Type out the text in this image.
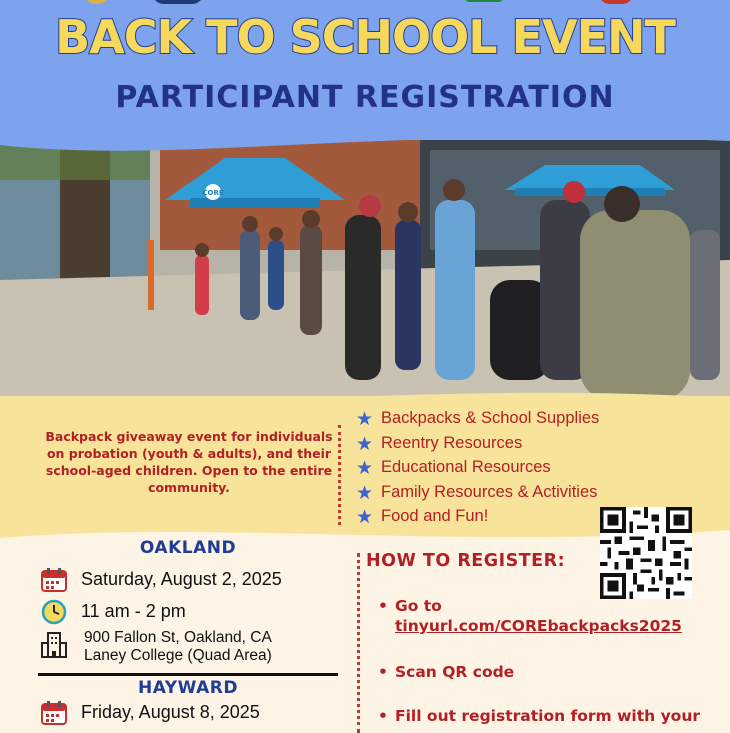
BACK TO SCHOOL EVENT
PARTICIPANT REGISTRATION
CORE
Backpack giveaway event for individuals on probation (youth & adults), and their school-aged children. Open to the entire community.
★ Backpacks & School Supplies
★ Reentry Resources
★ Educational Resources
★ Family Resources & Activities
★ Food and Fun!
OAKLAND
Saturday, August 2, 2025
11 am - 2 pm
900 Fallon St, Oakland, CA
Laney College (Quad Area)
HAYWARD
Friday, August 8, 2025
HOW TO REGISTER:
• Go to
tinyurl.com/COREbackpacks2025
• Scan QR code
• Fill out registration form with your
